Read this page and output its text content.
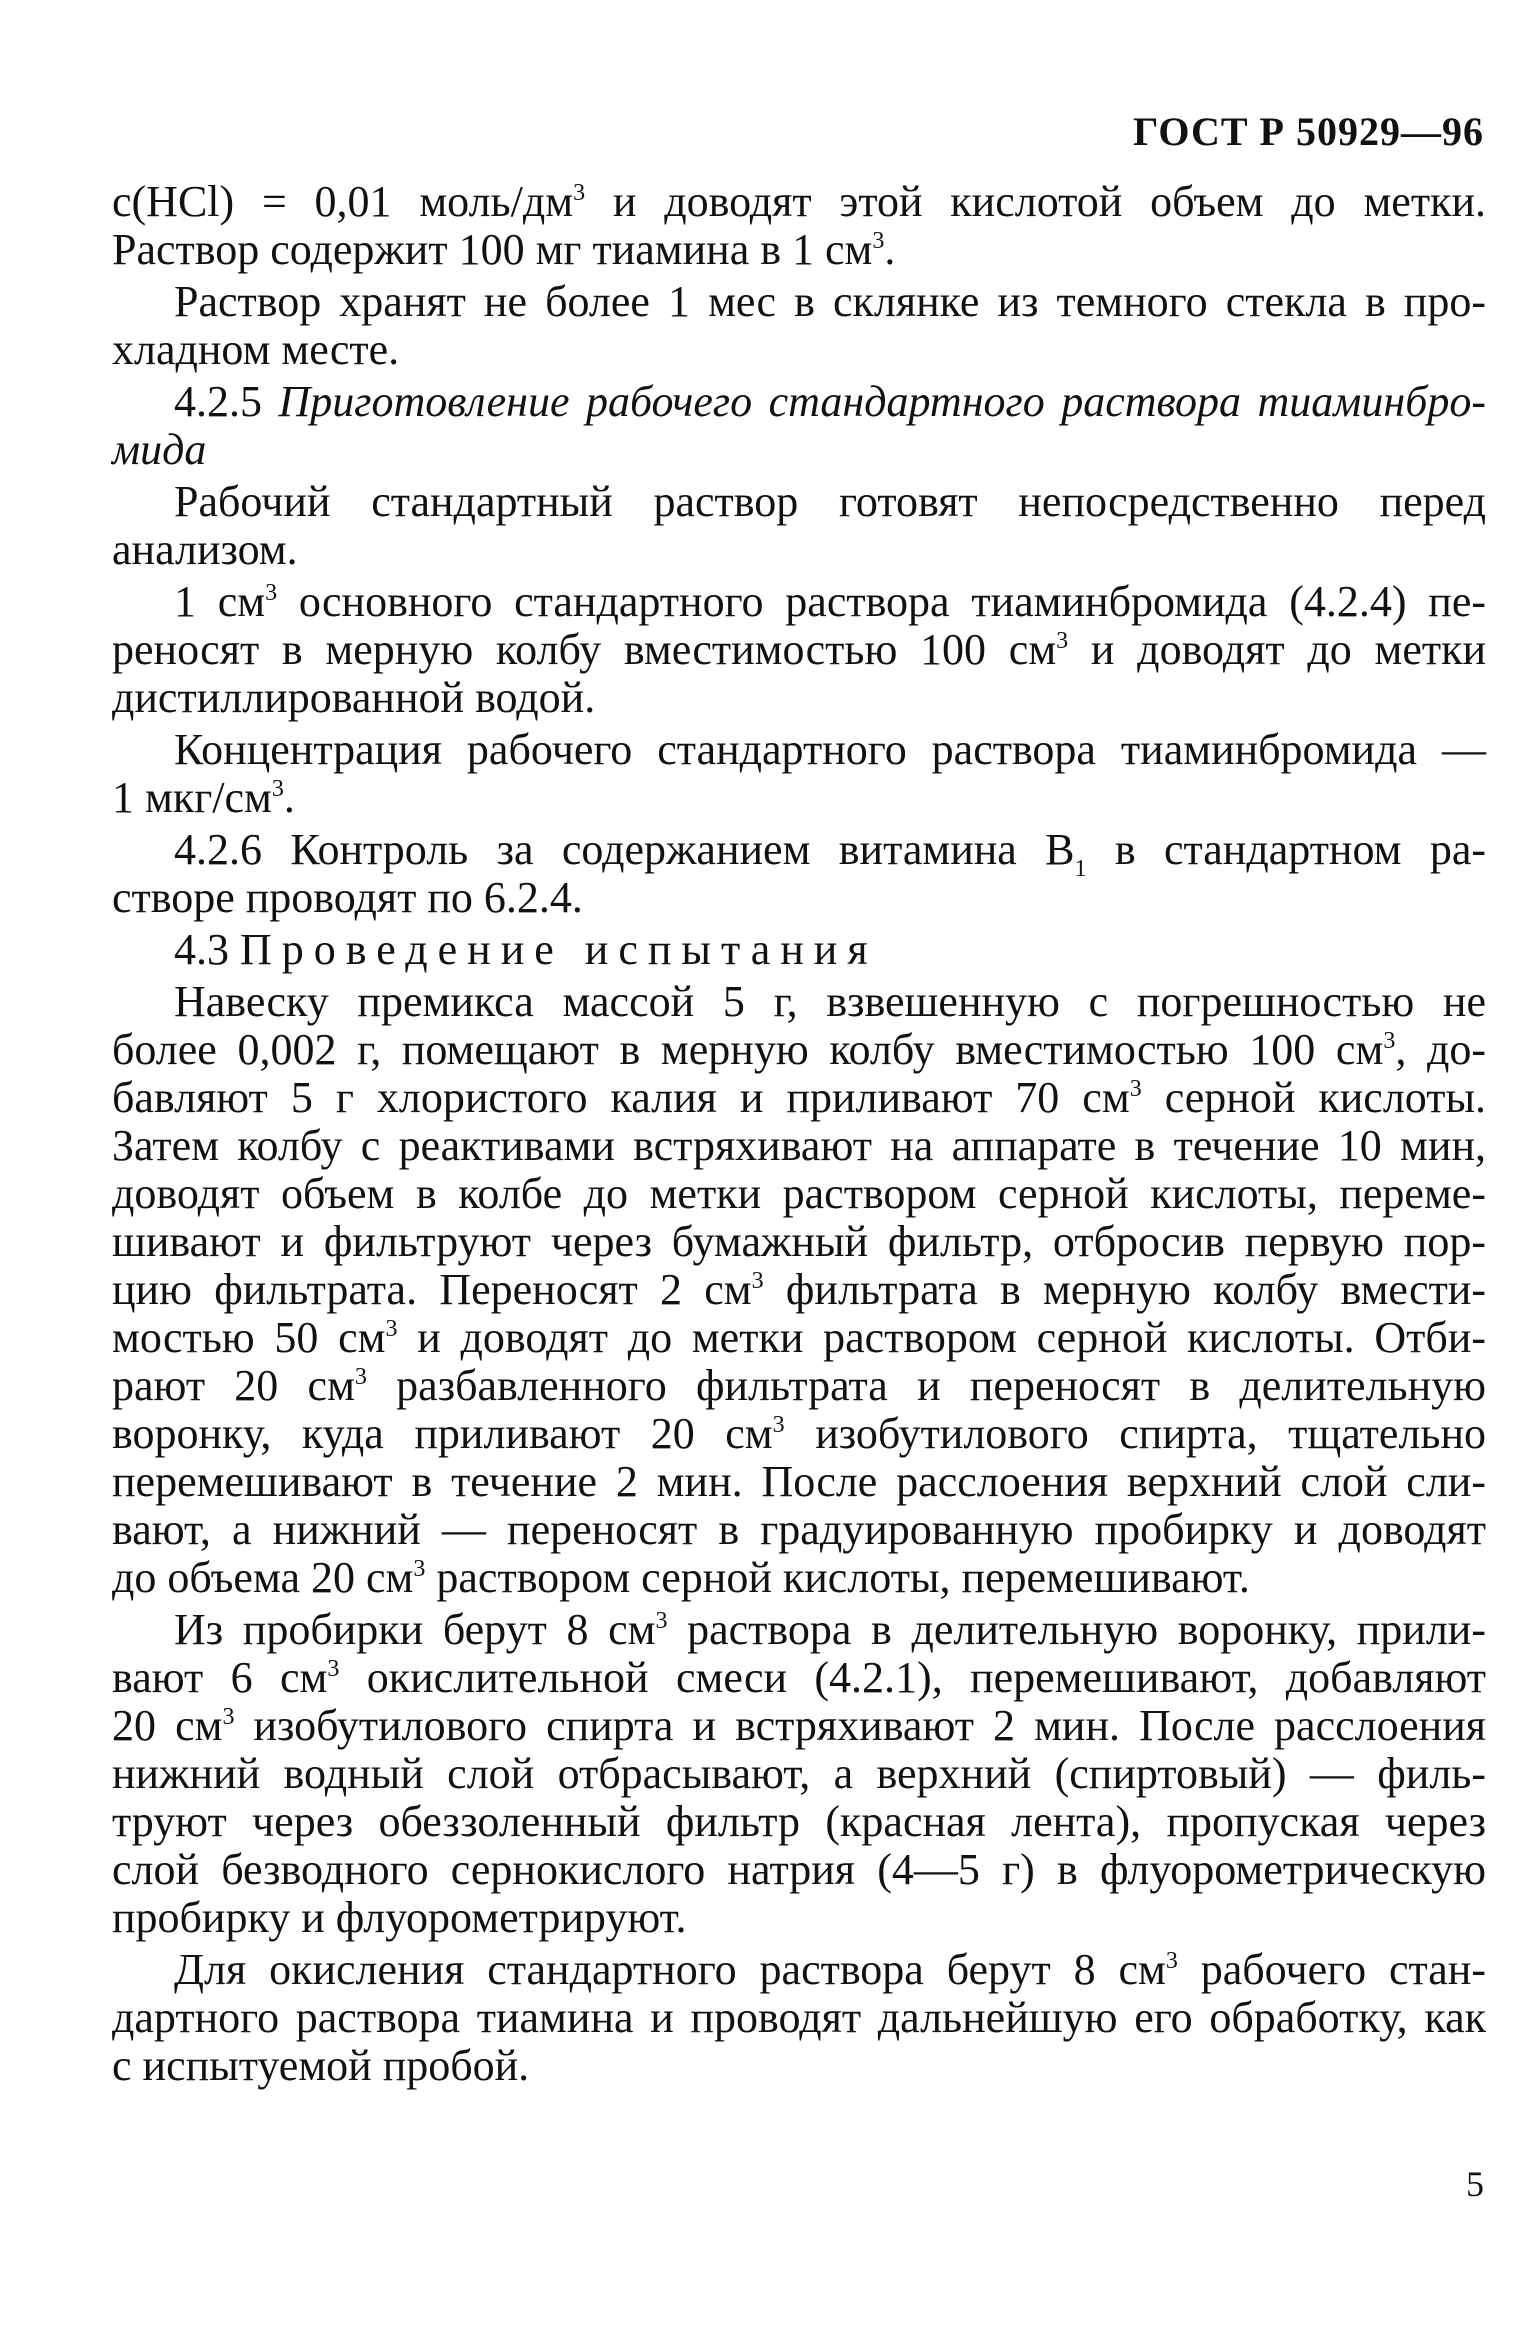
ГОСТ Р 50929—96
с(HCl) = 0,01 моль/$дм^3$ и доводят этой кислотой объем до метки.
Раствор содержит 100 мг тиамина в 1 $см^3$.
Раствор хранят не более 1 мес в склянке из темного стекла в про-
хладном месте.
4.2.5 Приготовление рабочего стандартного раствора тиаминбро-
мида
Рабочий стандартный раствор готовят непосредственно перед
анализом.
1 $см^3$ основного стандартного раствора тиаминбромида (4.2.4) пе-
реносят в мерную колбу вместимостью 100 $см^3$ и доводят до метки
дистиллированной водой.
Концентрация рабочего стандартного раствора тиаминбромида —
1 мкг/$см^3$.
4.2.6 Контроль за содержанием витамина $B_1$ в стандартном ра-
створе проводят по 6.2.4.
4.3 Проведение испытания
Навеску премикса массой 5 г, взвешенную с погрешностью не
более 0,002 г, помещают в мерную колбу вместимостью 100 $см^3$, до-
бавляют 5 г хлористого калия и приливают 70 $см^3$ серной кислоты.
Затем колбу с реактивами встряхивают на аппарате в течение 10 мин,
доводят объем в колбе до метки раствором серной кислоты, переме-
шивают и фильтруют через бумажный фильтр, отбросив первую пор-
цию фильтрата. Переносят 2 $см^3$ фильтрата в мерную колбу вмести-
мостью 50 $см^3$ и доводят до метки раствором серной кислоты. Отби-
рают 20 $см^3$ разбавленного фильтрата и переносят в делительную
воронку, куда приливают 20 $см^3$ изобутилового спирта, тщательно
перемешивают в течение 2 мин. После расслоения верхний слой сли-
вают, а нижний — переносят в градуированную пробирку и доводят
до объема 20 $см^3$ раствором серной кислоты, перемешивают.
Из пробирки берут 8 $см^3$ раствора в делительную воронку, прили-
вают 6 $см^3$ окислительной смеси (4.2.1), перемешивают, добавляют
20 $см^3$ изобутилового спирта и встряхивают 2 мин. После расслоения
нижний водный слой отбрасывают, а верхний (спиртовый) — филь-
труют через обеззоленный фильтр (красная лента), пропуская через
слой безводного сернокислого натрия (4—5 г) в флуорометрическую
пробирку и флуорометрируют.
Для окисления стандартного раствора берут 8 $см^3$ рабочего стан-
дартного раствора тиамина и проводят дальнейшую его обработку, как
с испытуемой пробой.
5
